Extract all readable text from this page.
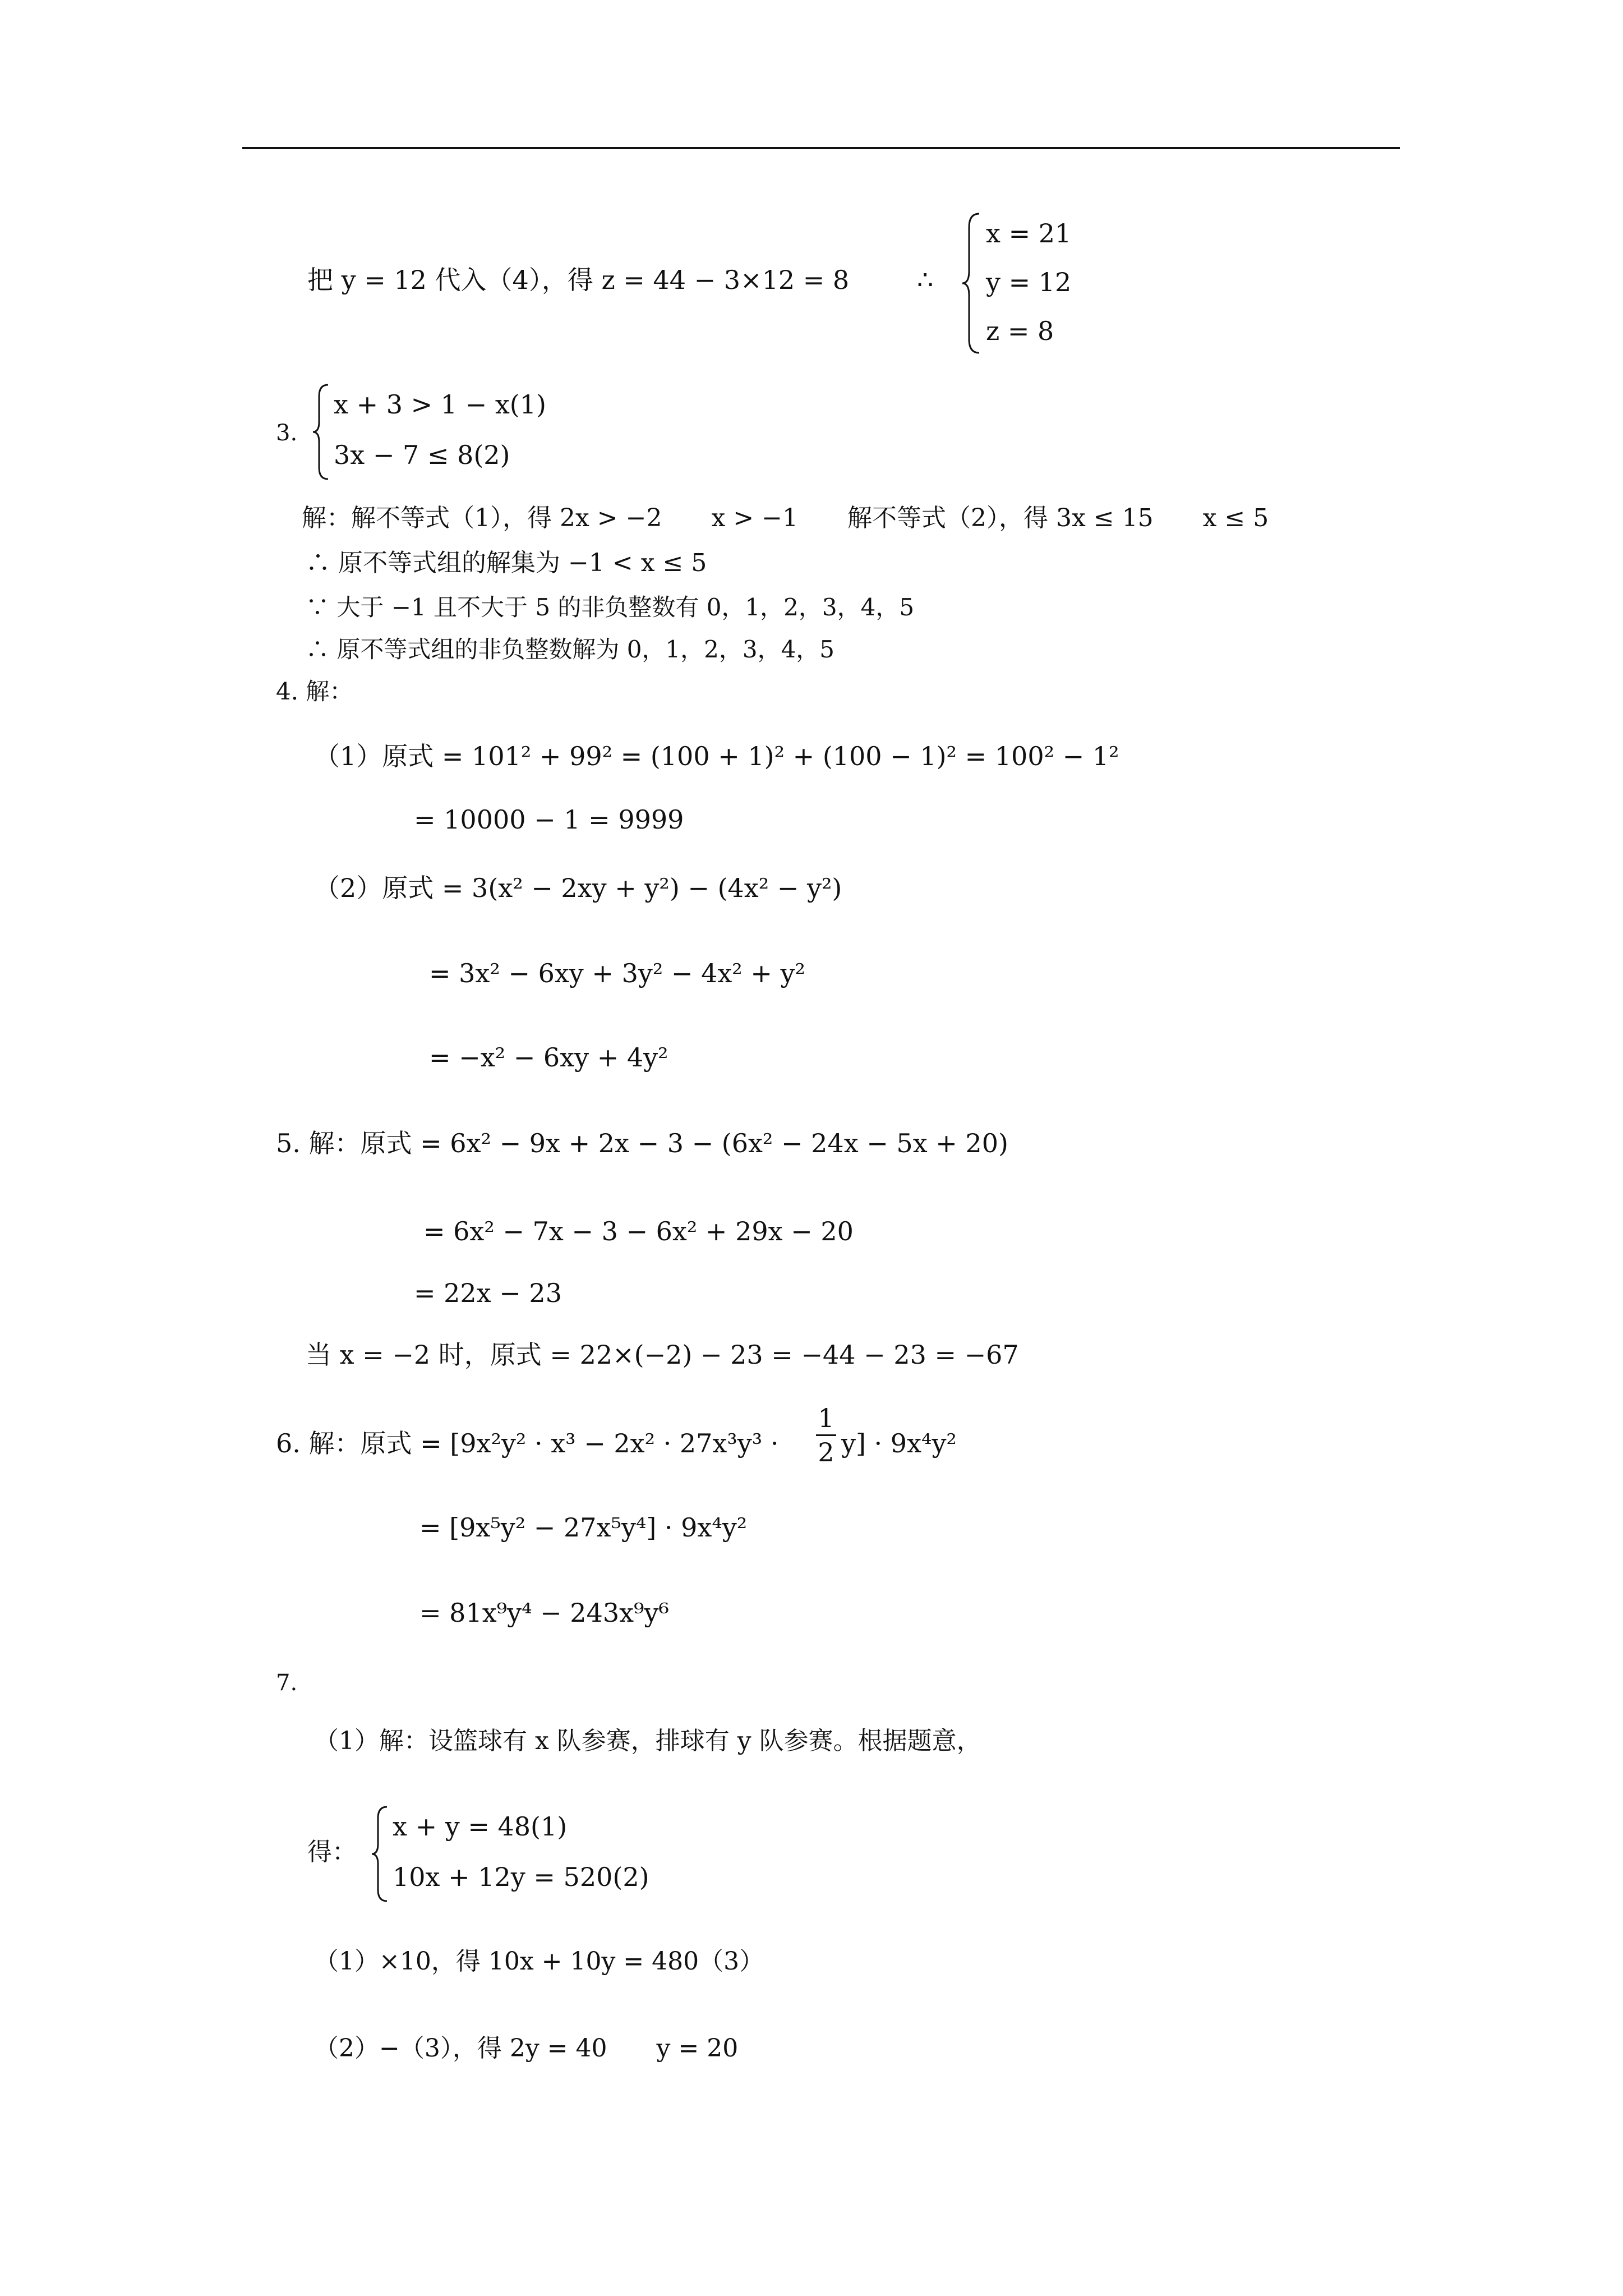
把 y = 12 代入（4），得 z = 44 − 3×12 = 8	∴
x = 21
y = 12
z = 8
3.
x + 3 > 1 − x(1)
3x − 7 ≤ 8(2)
解：解不等式（1），得 2x > −2　　x > −1　　解不等式（2），得 3x ≤ 15　　x ≤ 5
∴ 原不等式组的解集为 −1 < x ≤ 5
∵ 大于 −1 且不大于 5 的非负整数有 0，1，2，3，4，5
∴ 原不等式组的非负整数解为 0，1，2，3，4，5
4. 解：
（1）原式 = 101² + 99² = (100 + 1)² + (100 − 1)² = 100² − 1²
= 10000 − 1 = 9999
（2）原式 = 3(x² − 2xy + y²) − (4x² − y²)
= 3x² − 6xy + 3y² − 4x² + y²
= −x² − 6xy + 4y²
5. 解：原式 = 6x² − 9x + 2x − 3 − (6x² − 24x − 5x + 20)
= 6x² − 7x − 3 − 6x² + 29x − 20
= 22x − 23
当 x = −2 时，原式 = 22×(−2) − 23 = −44 − 23 = −67
6. 解：原式 = [9x²y² · x³ − 2x² · 27x³y³ ·
1
2 y] · 9x⁴y²
= [9x⁵y² − 27x⁵y⁴] · 9x⁴y²
= 81x⁹y⁴ − 243x⁹y⁶
7.
（1）解：设篮球有 x 队参赛，排球有 y 队参赛。根据题意，
得：
x + y = 48(1)
10x + 12y = 520(2)
（1）×10，得 10x + 10y = 480（3）
（2）−（3），得 2y = 40　　y = 20
